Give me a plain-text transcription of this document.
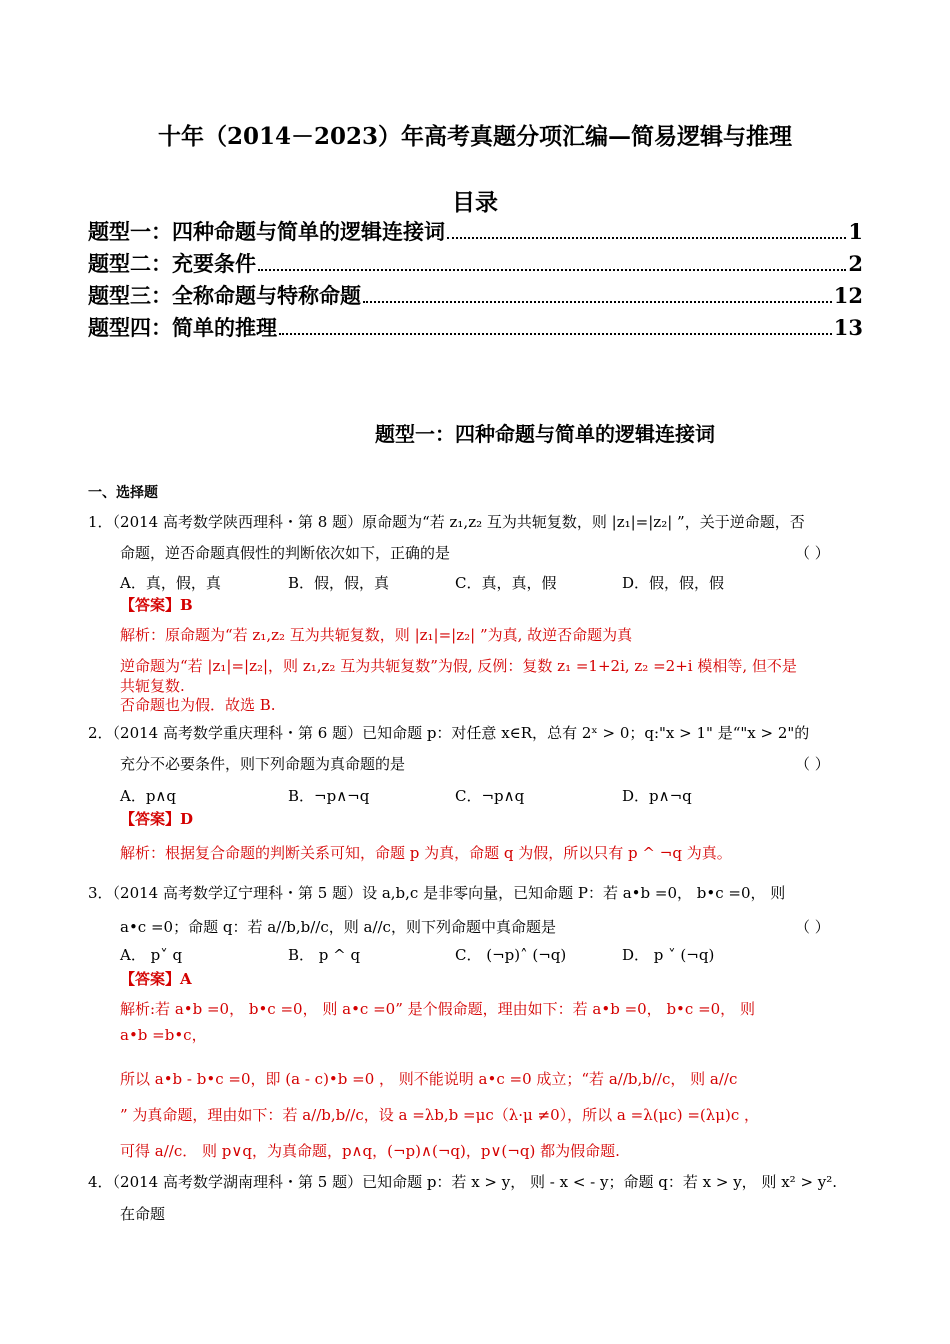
十年（2014－2023）年高考真题分项汇编—简易逻辑与推理
目录
题型一：四种命题与简单的逻辑连接词	1
题型二：充要条件	2
题型三：全称命题与特称命题	12
题型四：简单的推理	13
题型一：四种命题与简单的逻辑连接词
一、选择题
1．（2014 高考数学陕西理科・第 8 题）原命题为“若 z₁,z₂ 互为共轭复数，则 |z₁|=|z₂| ”，关于逆命题，否
命题，逆否命题真假性的判断依次如下，正确的是	（ ）
A．真，假，真	B．假，假，真	C．真，真，假	D．假，假，假
【答案】B
解析：原命题为“若 z₁,z₂ 互为共轭复数，则 |z₁|=|z₂| ”为真, 故逆否命题为真
逆命题为“若 |z₁|=|z₂|，则 z₁,z₂ 互为共轭复数”为假, 反例：复数 z₁ =1+2i, z₂ =2+i 模相等, 但不是
共轭复数.
否命题也为假．故选 B.
2．（2014 高考数学重庆理科・第 6 题）已知命题 p：对任意 x∈R，总有 2ˣ > 0；q:"x > 1" 是“"x > 2"的
充分不必要条件，则下列命题为真命题的是	（ ）
A．p∧q	B．¬p∧¬q	C．¬p∧q	D．p∧¬q
【答案】D
解析：根据复合命题的判断关系可知，命题 p 为真，命题 q 为假，所以只有 p ^ ¬q 为真。
3．（2014 高考数学辽宁理科・第 5 题）设 a,b,c 是非零向量，已知命题 P：若 a•b =0， b•c =0， 则
a•c =0；命题 q：若 a//b,b//c，则 a//c，则下列命题中真命题是	（ ）
A． p˅ q	B． p ^ q	C． (¬p)˄ (¬q)	D． p ˅ (¬q)
【答案】A
解析:若 a•b =0， b•c =0， 则 a•c =0” 是个假命题，理由如下：若 a•b =0， b•c =0， 则
a•b =b•c，
所以 a•b - b•c =0，即 (a - c)•b =0 ， 则不能说明 a•c =0 成立；“若 a//b,b//c， 则 a//c
” 为真命题，理由如下：若 a//b,b//c，设 a =λb,b =μc（λ·μ ≠0），所以 a =λ(μc) =(λμ)c ，
可得 a//c． 则 p∨q，为真命题，p∧q，(¬p)∧(¬q)，p∨(¬q) 都为假命题.
4．（2014 高考数学湖南理科・第 5 题）已知命题 p：若 x > y， 则 - x < - y；命题 q：若 x > y， 则 x² > y².
在命题
